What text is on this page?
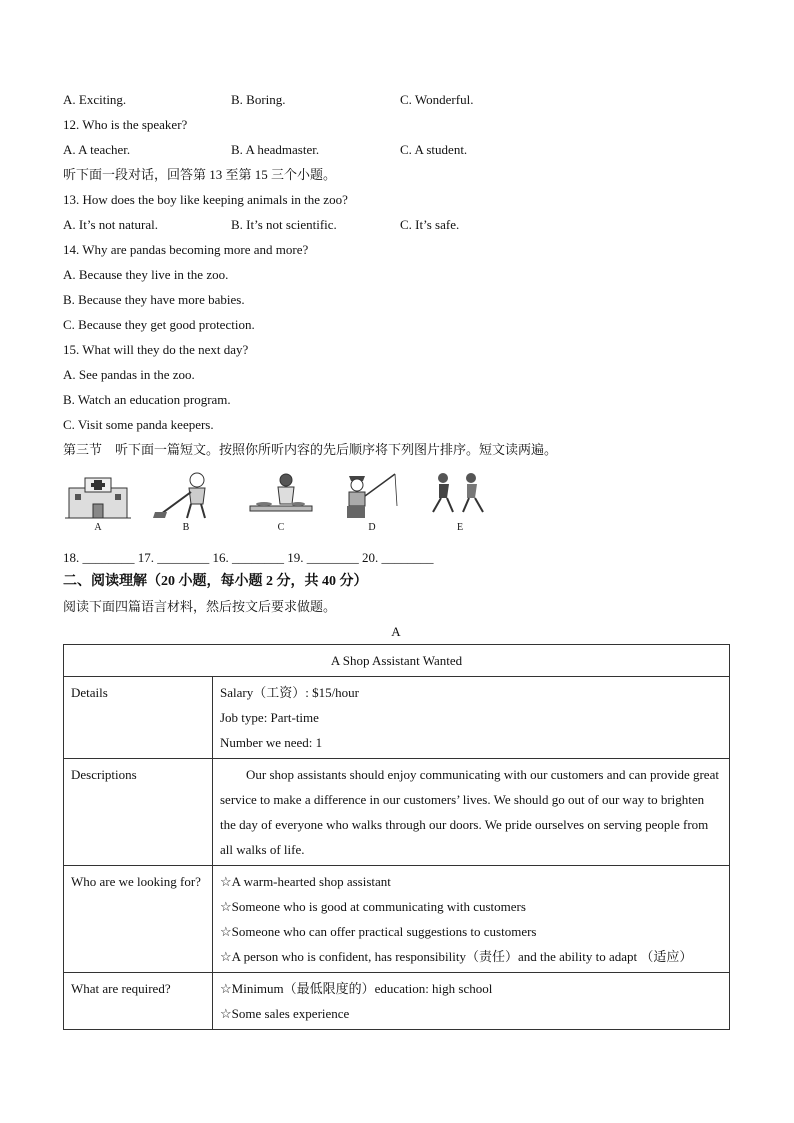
A. Exciting.	B. Boring.	C. Wonderful.
12. Who is the speaker?
A. A teacher.	B. A headmaster.	C. A student.
听下面一段对话，回答第 13 至第 15 三个小题。
13. How does the boy like keeping animals in the zoo?
A. It’s not natural.	B. It’s not scientific.	C. It’s safe.
14. Why are pandas becoming more and more?
A. Because they live in the zoo.
B. Because they have more babies.
C. Because they get good protection.
15. What will they do the next day?
A. See pandas in the zoo.
B. Watch an education program.
C. Visit some panda keepers.
第三节　听下面一篇短文。按照你所听内容的先后顺序将下列图片排序。短文读两遍。
A	B	C	D	E
18. ________ 17. ________ 16. ________ 19. ________ 20. ________
二、阅读理解（20 小题，每小题 2 分，共 40 分）
阅读下面四篇语言材料，然后按文后要求做题。
A
A Shop Assistant Wanted	
Details	Salary（工资）: $15/hour
Job type: Part-time
Number we need: 1

Descriptions	Our shop assistants should enjoy communicating with our customers and can provide great service to make a difference in our customers’ lives. We should go out of our way to brighten the day of everyone who walks through our doors. We pride ourselves on serving people from all walks of life.
Who are we looking for?	☆A warm-hearted shop assistant
☆Someone who is good at communicating with customers
☆Someone who can offer practical suggestions to customers
☆A person who is confident, has responsibility（责任）and the ability to adapt （适应）

What are required?	☆Minimum（最低限度的）education: high school
☆Some sales experience
